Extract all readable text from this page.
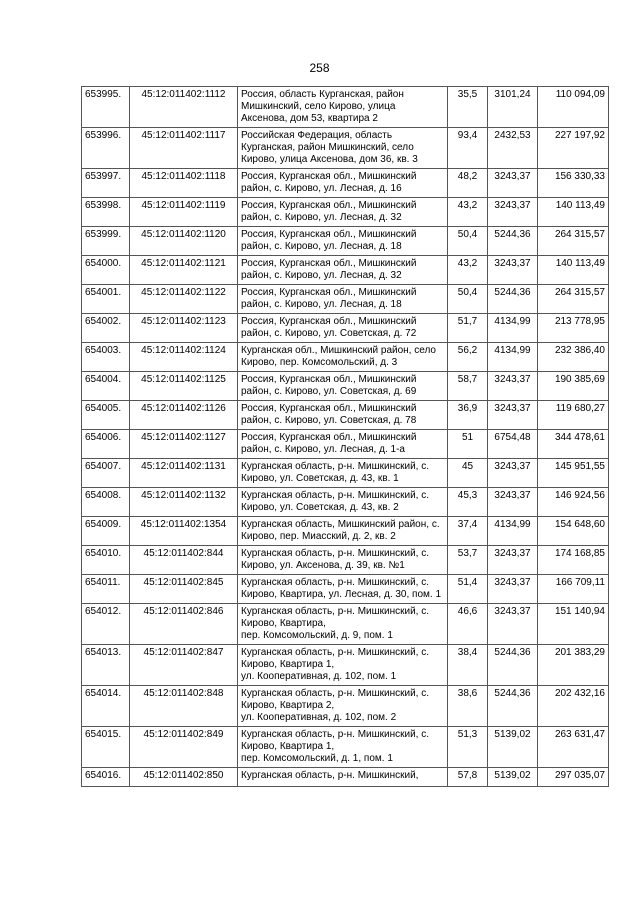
258
653995.	45:12:011402:1112	Россия, область Курганская, район Мишкинский, село Кирово, улица Аксенова, дом 53, квартира 2	35,5	3101,24	110 094,09
653996.	45:12:011402:1117	Российская Федерация, область Курганская, район Мишкинский, село Кирово, улица Аксенова, дом 36, кв. 3	93,4	2432,53	227 197,92
653997.	45:12:011402:1118	Россия, Курганская обл., Мишкинский район, с. Кирово, ул. Лесная, д. 16	48,2	3243,37	156 330,33
653998.	45:12:011402:1119	Россия, Курганская обл., Мишкинский район, с. Кирово, ул. Лесная, д. 32	43,2	3243,37	140 113,49
653999.	45:12:011402:1120	Россия, Курганская обл., Мишкинский район, с. Кирово, ул. Лесная, д. 18	50,4	5244,36	264 315,57
654000.	45:12:011402:1121	Россия, Курганская обл., Мишкинский район, с. Кирово, ул. Лесная, д. 32	43,2	3243,37	140 113,49
654001.	45:12:011402:1122	Россия, Курганская обл., Мишкинский район, с. Кирово, ул. Лесная, д. 18	50,4	5244,36	264 315,57
654002.	45:12:011402:1123	Россия, Курганская обл., Мишкинский район, с. Кирово, ул. Советская, д. 72	51,7	4134,99	213 778,95
654003.	45:12:011402:1124	Курганская обл., Мишкинский район, село Кирово, пер. Комсомольский, д. 3	56,2	4134,99	232 386,40
654004.	45:12:011402:1125	Россия, Курганская обл., Мишкинский район, с. Кирово, ул. Советская, д. 69	58,7	3243,37	190 385,69
654005.	45:12:011402:1126	Россия, Курганская обл., Мишкинский район, с. Кирово, ул. Советская, д. 78	36,9	3243,37	119 680,27
654006.	45:12:011402:1127	Россия, Курганская обл., Мишкинский район, с. Кирово, ул. Лесная, д. 1-а	51	6754,48	344 478,61
654007.	45:12:011402:1131	Курганская область, р-н. Мишкинский, с. Кирово, ул. Советская, д. 43, кв. 1	45	3243,37	145 951,55
654008.	45:12:011402:1132	Курганская область, р-н. Мишкинский, с. Кирово, ул. Советская, д. 43, кв. 2	45,3	3243,37	146 924,56
654009.	45:12:011402:1354	Курганская область, Мишкинский район, с. Кирово, пер. Миасский, д. 2, кв. 2	37,4	4134,99	154 648,60
654010.	45:12:011402:844	Курганская область, р-н. Мишкинский, с. Кирово, ул. Аксенова, д. 39, кв. №1	53,7	3243,37	174 168,85
654011.	45:12:011402:845	Курганская область, р-н. Мишкинский, с. Кирово, Квартира, ул. Лесная, д. 30, пом. 1	51,4	3243,37	166 709,11
654012.	45:12:011402:846	Курганская область, р-н. Мишкинский, с. Кирово, Квартира,
пер. Комсомольский, д. 9, пом. 1	46,6	3243,37	151 140,94
654013.	45:12:011402:847	Курганская область, р-н. Мишкинский, с. Кирово, Квартира 1,
ул. Кооперативная, д. 102, пом. 1	38,4	5244,36	201 383,29
654014.	45:12:011402:848	Курганская область, р-н. Мишкинский, с. Кирово, Квартира 2,
ул. Кооперативная, д. 102, пом. 2	38,6	5244,36	202 432,16
654015.	45:12:011402:849	Курганская область, р-н. Мишкинский, с. Кирово, Квартира 1,
пер. Комсомольский, д. 1, пом. 1	51,3	5139,02	263 631,47
654016.	45:12:011402:850	Курганская область, р-н. Мишкинский,	57,8	5139,02	297 035,07
